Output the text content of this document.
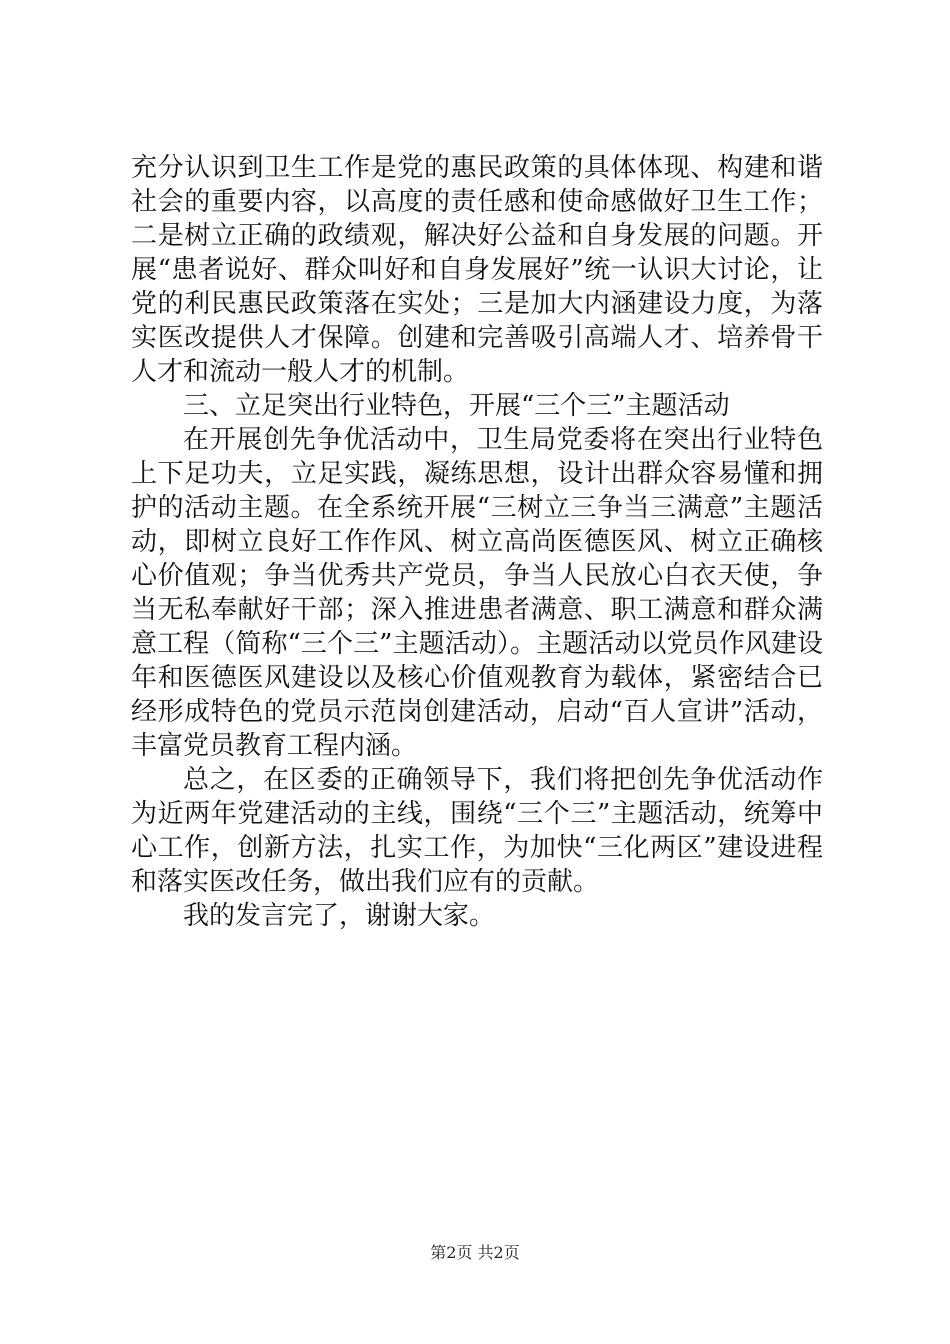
充分认识到卫生工作是党的惠民政策的具体体现、构建和谐社会的重要内容，以高度的责任感和使命感做好卫生工作；二是树立正确的政绩观，解决好公益和自身发展的问题。开展“患者说好、群众叫好和自身发展好”统一认识大讨论，让党的利民惠民政策落在实处；三是加大内涵建设力度，为落实医改提供人才保障。创建和完善吸引高端人才、培养骨干人才和流动一般人才的机制。

三、立足突出行业特色，开展“三个三”主题活动

在开展创先争优活动中，卫生局党委将在突出行业特色上下足功夫，立足实践，凝练思想，设计出群众容易懂和拥护的活动主题。在全系统开展“三树立三争当三满意”主题活动，即树立良好工作作风、树立高尚医德医风、树立正确核心价值观；争当优秀共产党员，争当人民放心白衣天使，争当无私奉献好干部；深入推进患者满意、职工满意和群众满意工程（简称“三个三”主题活动）。主题活动以党员作风建设年和医德医风建设以及核心价值观教育为载体，紧密结合已经形成特色的党员示范岗创建活动，启动“百人宣讲”活动，丰富党员教育工程内涵。

总之，在区委的正确领导下，我们将把创先争优活动作为近两年党建活动的主线，围绕“三个三”主题活动，统筹中心工作，创新方法，扎实工作，为加快“三化两区”建设进程和落实医改任务，做出我们应有的贡献。

我的发言完了，谢谢大家。

第2页 共2页
